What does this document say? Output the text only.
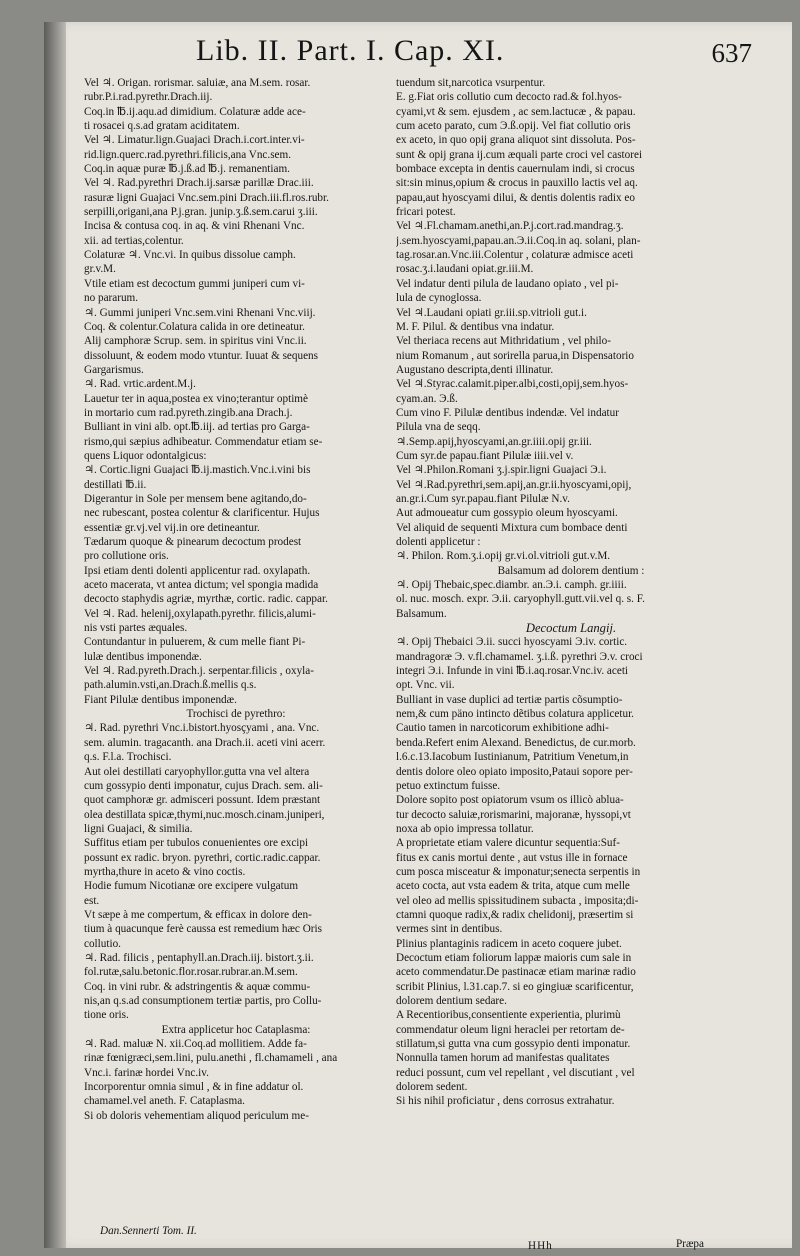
Lib. II. Part. I. Cap. XI.	637
Vel ♃. Origan. rorismar. saluiæ, ana M.sem. rosar.
rubr.P.i.rad.pyrethr.Drach.iij.
Coq.in ℔.ij.aqu.ad dimidium. Colaturæ adde ace-
ti rosacei q.s.ad gratam aciditatem.
Vel ♃. Limatur.lign.Guajaci Drach.i.cort.inter.vi-
rid.lign.querc.rad.pyrethri.filicis,ana Vnc.sem.
Coq.in aquæ puræ ℔.j.ß.ad ℔.j. remanentiam.
Vel ♃. Rad.pyrethri Drach.ij.sarsæ parillæ Drac.iii.
rasuræ ligni Guajaci Vnc.sem.pini Drach.iii.fl.ros.rubr.
serpilli,origani,ana P.j.gran. junip.ʒ.ß.sem.carui ʒ.iii.
Incisa & contusa coq. in aq. & vini Rhenani Vnc.
xii. ad tertias,colentur.
Colaturæ ♃. Vnc.vi. In quibus dissolue camph.
gr.v.M.
Vtile etiam est decoctum gummi juniperi cum vi-
no pararum.
♃. Gummi juniperi Vnc.sem.vini Rhenani Vnc.viij.
Coq. & colentur.Colatura calida in ore detineatur.
Alij camphoræ Scrup. sem. in spiritus vini Vnc.ii.
dissoluunt, & eodem modo vtuntur. Iuuat & sequens
Gargarismus.
♃. Rad. vrtic.ardent.M.j.
Lauetur ter in aqua,postea ex vino;terantur optimè
in mortario cum rad.pyreth.zingib.ana Drach.j.
Bulliant in vini alb. opt.℔.iij. ad tertias pro Garga-
rismo,qui sæpius adhibeatur. Commendatur etiam se-
quens Liquor odontalgicus:
♃. Cortic.ligni Guajaci ℔.ij.mastich.Vnc.i.vini bis
destillati ℔.ii.
Digerantur in Sole per mensem bene agitando,do-
nec rubescant, postea colentur & clarificentur. Hujus
essentiæ gr.vj.vel vij.in ore detineantur.
Tædarum quoque & pinearum decoctum prodest
pro collutione oris.
Ipsi etiam denti dolenti applicentur rad. oxylapath.
aceto macerata, vt antea dictum; vel spongia madida
decocto staphydis agriæ, myrthæ, cortic. radic. cappar.
Vel ♃. Rad. helenij,oxylapath.pyrethr. filicis,alumi-
nis vsti partes æquales.
Contundantur in puluerem, & cum melle fiant Pi-
lulæ dentibus imponendæ.
Vel ♃. Rad.pyreth.Drach.j. serpentar.filicis , oxyla-
path.alumin.vsti,an.Drach.ß.mellis q.s.
Fiant Pilulæ dentibus imponendæ.
Trochisci de pyrethro:
♃. Rad. pyrethri Vnc.i.bistort.hyosçyami , ana. Vnc.
sem. alumin. tragacanth. ana Drach.ii. aceti vini acerr.
q.s. F.l.a. Trochisci.
Aut olei destillati caryophyllor.gutta vna vel altera
cum gossypio denti imponatur, cujus Drach. sem. ali-
quot camphoræ gr. admisceri possunt. Idem præstant
olea destillata spicæ,thymi,nuc.mosch.cinam.juniperi,
ligni Guajaci, & similia.
Suffitus etiam per tubulos conuenientes ore excipi
possunt ex radic. bryon. pyrethri, cortic.radic.cappar.
myrtha,thure in aceto & vino coctis.
Hodie fumum Nicotianæ ore excipere vulgatum
est.
Vt sæpe à me compertum, & efficax in dolore den-
tium à quacunque ferè caussa est remedium hæc Oris
collutio.
♃. Rad. filicis , pentaphyll.an.Drach.iij. bistort.ʒ.ii.
fol.rutæ,salu.betonic.flor.rosar.rubrar.an.M.sem.
Coq. in vini rubr. & adstringentis & aquæ commu-
nis,an q.s.ad consumptionem tertiæ partis, pro Collu-
tione oris.
Extra applicetur hoc Cataplasma:
♃. Rad. maluæ N. xii.Coq.ad mollitiem. Adde fa-
rinæ fœnigræci,sem.lini, pulu.anethi , fl.chamameli , ana
Vnc.i. farinæ hordei Vnc.iv.
Incorporentur omnia simul , & in fine addatur ol.
chamamel.vel aneth. F. Cataplasma.
Si ob doloris vehementiam aliquod periculum me-
tuendum sit,narcotica vsurpentur.
E. g.Fiat oris collutio cum decocto rad.& fol.hyos-
cyami,vt & sem. ejusdem , ac sem.lactucæ , & papau.
cum aceto parato, cum Э.ß.opij. Vel fiat collutio oris
ex aceto, in quo opij grana aliquot sint dissoluta. Pos-
sunt & opij grana ij.cum æquali parte croci vel castorei
bombace excepta in dentis cauernulam indi, si crocus
sit:sin minus,opium & crocus in pauxillo lactis vel aq.
papau,aut hyoscyami dilui, & dentis dolentis radix eo
fricari potest.
Vel ♃.Fl.chamam.anethi,an.P.j.cort.rad.mandrag.ʒ.
j.sem.hyoscyami,papau.an.Э.ii.Coq.in aq. solani, plan-
tag.rosar.an.Vnc.iii.Colentur , colaturæ admisce aceti
rosac.ʒ.i.laudani opiat.gr.iii.M.
Vel indatur denti pilula de laudano opiato , vel pi-
lula de cynoglossa.
Vel ♃.Laudani opiati gr.iii.sp.vitrioli gut.i.
M. F. Pilul. & dentibus vna indatur.
Vel theriaca recens aut Mithridatium , vel philo-
nium Romanum , aut sorirella parua,in Dispensatorio
Augustano descripta,denti illinatur.
Vel ♃.Styrac.calamit.piper.albi,costi,opij,sem.hyos-
cyam.an. Э.ß.
Cum vino F. Pilulæ dentibus indendæ. Vel indatur
Pilula vna de seqq.
♃.Semp.apij,hyoscyami,an.gr.iiii.opij gr.iii.
Cum syr.de papau.fiant Pilulæ iiii.vel v.
Vel ♃.Philon.Romani ʒ.j.spir.ligni Guajaci Э.i.
Vel ♃.Rad.pyrethri,sem.apij,an.gr.ii.hyoscyami,opij,
an.gr.i.Cum syr.papau.fiant Pilulæ N.v.
Aut admoueatur cum gossypio oleum hyoscyami.
Vel aliquid de sequenti Mixtura cum bombace denti
dolenti applicetur :
♃. Philon. Rom.ʒ.i.opij gr.vi.ol.vitrioli gut.v.M.
Balsamum ad dolorem dentium :
♃. Opij Thebaic,spec.diambr. an.Э.i. camph. gr.iiii.
ol. nuc. mosch. expr. Э.ii. caryophyll.gutt.vii.vel q. s. F.
Balsamum.
Decoctum Langij.
♃. Opij Thebaici Э.ii. succi hyoscyami Э.iv. cortic.
mandragoræ Э. v.fl.chamamel. ʒ.i.ß. pyrethri Э.v. croci
integri Э.i. Infunde in vini ℔.i.aq.rosar.Vnc.iv. aceti
opt. Vnc. vii.
Bulliant in vase duplici ad tertiæ partis cõsumptio-
nem,& cum päno intincto dẽtibus colatura applicetur.
Cautio tamen in narcoticorum exhibitione adhi-
benda.Refert enim Alexand. Benedictus, de cur.morb.
l.6.c.13.Iacobum Iustinianum, Patritium Venetum,in
dentis dolore oleo opiato imposito,Pataui sopore per-
petuo extinctum fuisse.
Dolore sopito post opiatorum vsum os illicò ablua-
tur decocto saluiæ,rorismarini, majoranæ, hyssopi,vt
noxa ab opio impressa tollatur.
A proprietate etiam valere dicuntur sequentia:Suf-
fitus ex canis mortui dente , aut vstus ille in fornace
cum posca misceatur & imponatur;senecta serpentis in
aceto cocta, aut vsta eadem & trita, atque cum melle
vel oleo ad mellis spissitudinem subacta , imposita;di-
ctamni quoque radix,& radix chelidonij, præsertim si
vermes sint in dentibus.
Plinius plantaginis radicem in aceto coquere jubet.
Decoctum etiam foliorum lappæ maioris cum sale in
aceto commendatur.De pastinacæ etiam marinæ radio
scribit Plinius, l.31.cap.7. si eo gingiuæ scarificentur,
dolorem dentium sedare.
A Recentioribus,consentiente experientia, plurimù
commendatur oleum ligni heraclei per retortam de-
stillatum,si gutta vna cum gossypio denti imponatur.
Nonnulla tamen horum ad manifestas qualitates
reduci possunt, cum vel repellant , vel discutiant , vel
dolorem sedent.
Si his nihil proficiatur , dens corrosus extrahatur.
Dan.Sennerti Tom. II.
HHh	Præpa
